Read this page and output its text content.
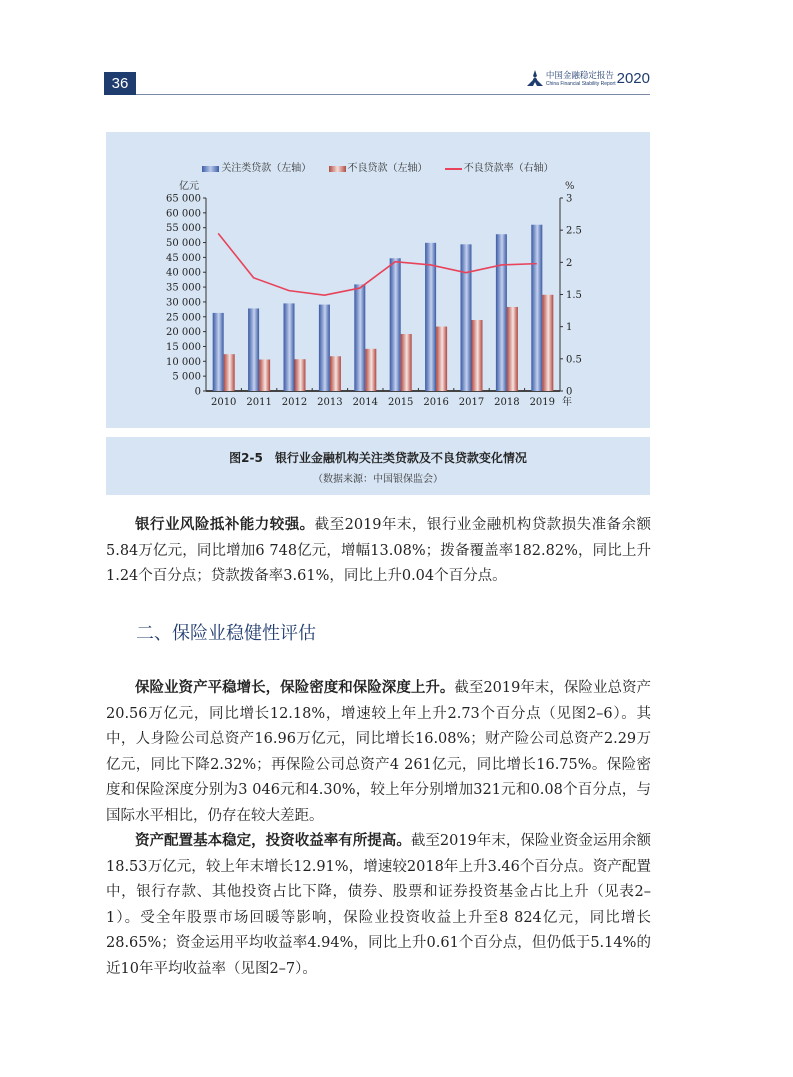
36	中国金融稳定报告
China Financial Stability Report 2020
关注类贷款（左轴）	不良贷款（左轴）	不良贷款率（右轴）
亿元	%
0
5 000
10 000
15 000
20 000
25 000
30 000
35 000
40 000
45 000
50 000
55 000
60 000
65 000
0
0.5
1
1.5
2
2.5
3
2010 2011 2012 2013 2014 2015 2016 2017 2018 2019 年
图2-5　银行业金融机构关注类贷款及不良贷款变化情况
（数据来源：中国银保监会）
银行业风险抵补能力较强。截至2019年末，银行业金融机构贷款损失准备余额5.84万亿元，同比增加6 748亿元，增幅13.08%；拨备覆盖率182.82%，同比上升1.24个百分点；贷款拨备率3.61%，同比上升0.04个百分点。
二、保险业稳健性评估
保险业资产平稳增长，保险密度和保险深度上升。截至2019年末，保险业总资产20.56万亿元，同比增长12.18%，增速较上年上升2.73个百分点（见图2–6）。其中，人身险公司总资产16.96万亿元，同比增长16.08%；财产险公司总资产2.29万亿元，同比下降2.32%；再保险公司总资产4 261亿元，同比增长16.75%。保险密度和保险深度分别为3 046元和4.30%，较上年分别增加321元和0.08个百分点，与国际水平相比，仍存在较大差距。
资产配置基本稳定，投资收益率有所提高。截至2019年末，保险业资金运用余额18.53万亿元，较上年末增长12.91%，增速较2018年上升3.46个百分点。资产配置中，银行存款、其他投资占比下降，债券、股票和证券投资基金占比上升（见表2–1）。受全年股票市场回暖等影响，保险业投资收益上升至8 824亿元，同比增长28.65%；资金运用平均收益率4.94%，同比上升0.61个百分点，但仍低于5.14%的近10年平均收益率（见图2–7）。
